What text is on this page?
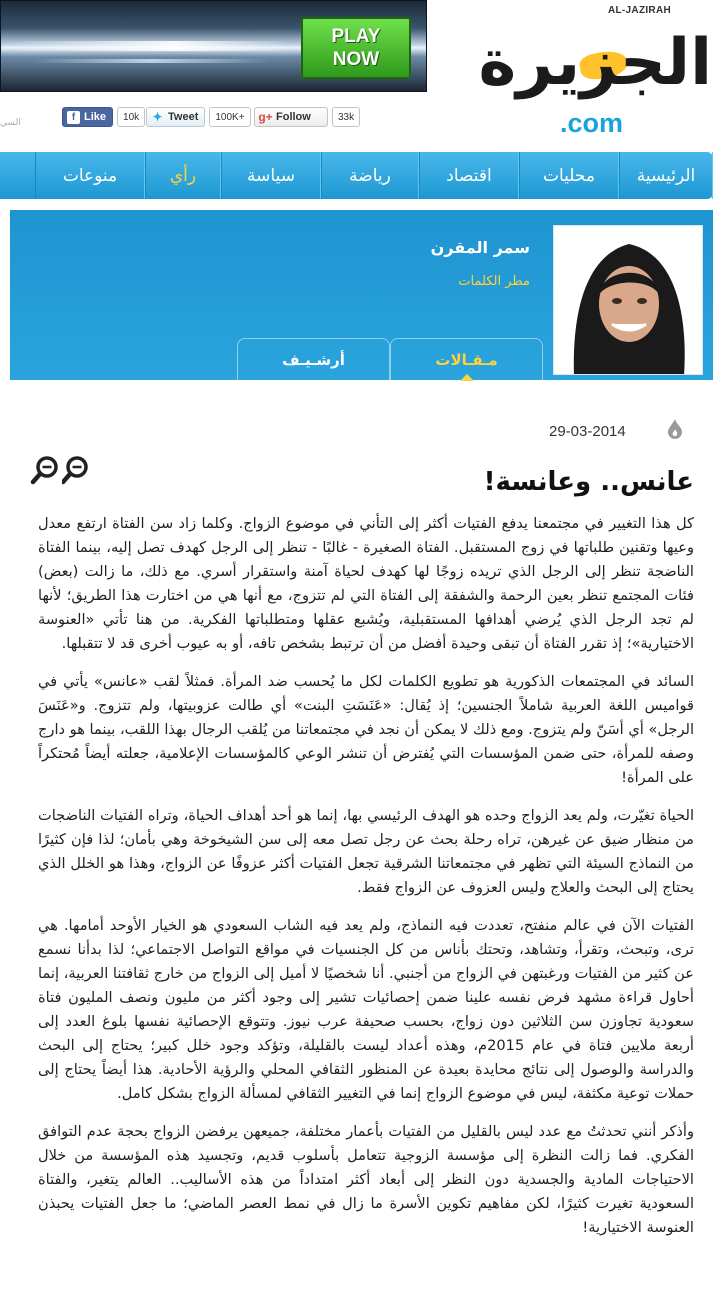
PLAY
NOW
السي
f Like	10k	✦ Tweet	100K+	g+ Follow	33k
AL-JAZIRAH
الجزيرة
.com
الرئيسية
محليات
اقتصاد
رياضة
سياسة
رأي
منوعات
سمر المقرن
مطر الكلمات
مـقـالات
أرشـيـف
29-03-2014
عانس.. وعانسة!

كل هذا التغيير في مجتمعنا يدفع الفتيات أكثر إلى التأني في موضوع الزواج. وكلما زاد سن الفتاة ارتفع معدل وعيها وتقنين طلباتها في زوج المستقبل. الفتاة الصغيرة - غالبًا - تنظر إلى الرجل كهدف تصل إليه، بينما الفتاة الناضجة تنظر إلى الرجل الذي تريده زوجًا لها كهدف لحياة آمنة واستقرار أسري. مع ذلك، ما زالت (بعض) فئات المجتمع تنظر بعين الرحمة والشفقة إلى الفتاة التي لم تتزوج، مع أنها هي من اختارت هذا الطريق؛ لأنها لم تجد الرجل الذي يُرضي أهدافها المستقبلية، ويُشبع عقلها ومتطلباتها الفكرية. من هنا تأتي «العنوسة الاختيارية»؛ إذ تقرر الفتاة أن تبقى وحيدة أفضل من أن ترتبط بشخص تافه، أو به عيوب أخرى قد لا تتقبلها.

السائد في المجتمعات الذكورية هو تطويع الكلمات لكل ما يُحسب ضد المرأة. فمثلاً لقب «عانس» يأتي في قواميس اللغة العربية شاملاً الجنسين؛ إذ يُقال: «عَنَسَتِ البنت» أي طالت عزوبيتها، ولم تتزوج. و«عَنَسَ الرجل» أي أسَنّ ولم يتزوج. ومع ذلك لا يمكن أن نجد في مجتمعاتنا من يُلقب الرجال بهذا اللقب، بينما هو دارج وصفه للمرأة، حتى ضمن المؤسسات التي يُفترض أن تنشر الوعي كالمؤسسات الإعلامية، جعلته أيضاً مُحتكراً على المرأة!

الحياة تغيّرت، ولم يعد الزواج وحده هو الهدف الرئيسي بها، إنما هو أحد أهداف الحياة، وتراه الفتيات الناضجات من منظار ضيق عن غيرهن، تراه رحلة بحث عن رجل تصل معه إلى سن الشيخوخة وهي بأمان؛ لذا فإن كثيرًا من النماذج السيئة التي تظهر في مجتمعاتنا الشرقية تجعل الفتيات أكثر عزوفًا عن الزواج، وهذا هو الخلل الذي يحتاج إلى البحث والعلاج وليس العزوف عن الزواج فقط.

الفتيات الآن في عالم منفتح، تعددت فيه النماذج، ولم يعد فيه الشاب السعودي هو الخيار الأوحد أمامها. هي ترى، وتبحث، وتقرأ، وتشاهد، وتحتك بأناس من كل الجنسيات في مواقع التواصل الاجتماعي؛ لذا بدأنا نسمع عن كثير من الفتيات ورغبتهن في الزواج من أجنبي. أنا شخصيًا لا أميل إلى الزواج من خارج ثقافتنا العربية، إنما أحاول قراءة مشهد فرض نفسه علينا ضمن إحصائيات تشير إلى وجود أكثر من مليون ونصف المليون فتاة سعودية تجاوزن سن الثلاثين دون زواج، بحسب صحيفة عرب نيوز. وتتوقع الإحصائية نفسها بلوغ العدد إلى أربعة ملايين فتاة في عام 2015م، وهذه أعداد ليست بالقليلة، وتؤكد وجود خلل كبير؛ يحتاج إلى البحث والدراسة والوصول إلى نتائج محايدة بعيدة عن المنظور الثقافي المحلي والرؤية الأحادية. هذا أيضاً يحتاج إلى حملات توعية مكثفة، ليس في موضوع الزواج إنما في التغيير الثقافي لمسألة الزواج بشكل كامل.

وأذكر أنني تحدثتُ مع عدد ليس بالقليل من الفتيات بأعمار مختلفة، جميعهن يرفضن الزواج بحجة عدم التوافق الفكري. فما زالت النظرة إلى مؤسسة الزوجية تتعامل بأسلوب قديم، وتجسيد هذه المؤسسة من خلال الاحتياجات المادية والجسدية دون النظر إلى أبعاد أكثر امتداداً من هذه الأساليب.. العالم يتغير، والفتاة السعودية تغيرت كثيرًا، لكن مفاهيم تكوين الأسرة ما زال في نمط العصر الماضي؛ ما جعل الفتيات يحبذن العنوسة الاختيارية!
